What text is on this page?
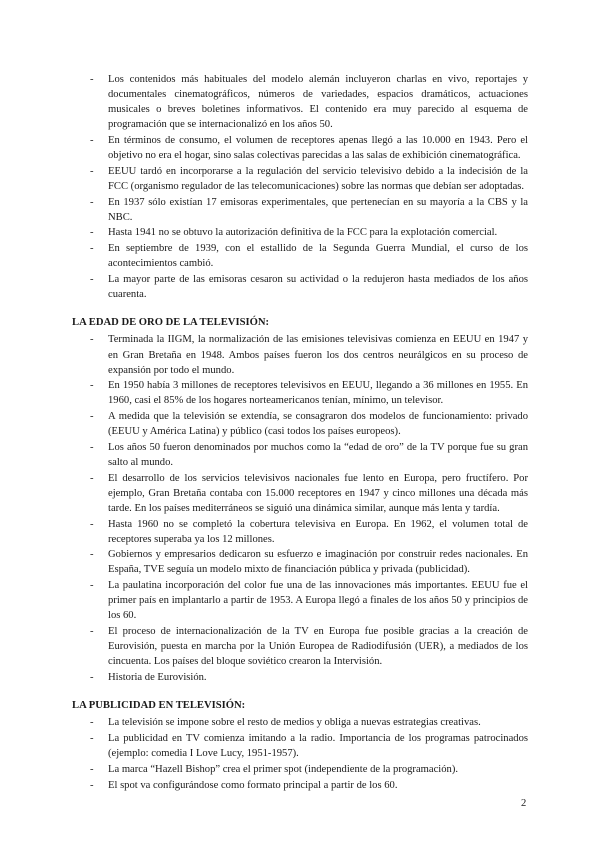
- Los contenidos más habituales del modelo alemán incluyeron charlas en vivo, reportajes y documentales cinematográficos, números de variedades, espacios dramáticos, actuaciones musicales o breves boletines informativos. El contenido era muy parecido al esquema de programación que se internacionalizó en los años 50.
- En términos de consumo, el volumen de receptores apenas llegó a las 10.000 en 1943. Pero el objetivo no era el hogar, sino salas colectivas parecidas a las salas de exhibición cinematográfica.
- EEUU tardó en incorporarse a la regulación del servicio televisivo debido a la indecisión de la FCC (organismo regulador de las telecomunicaciones) sobre las normas que debían ser adoptadas.
- En 1937 sólo existían 17 emisoras experimentales, que pertenecían en su mayoría a la CBS y la NBC.
- Hasta 1941 no se obtuvo la autorización definitiva de la FCC para la explotación comercial.
- En septiembre de 1939, con el estallido de la Segunda Guerra Mundial, el curso de los acontecimientos cambió.
- La mayor parte de las emisoras cesaron su actividad o la redujeron hasta mediados de los años cuarenta.
LA EDAD DE ORO DE LA TELEVISIÓN:
- Terminada la IIGM, la normalización de las emisiones televisivas comienza en EEUU en 1947 y en Gran Bretaña en 1948. Ambos países fueron los dos centros neurálgicos en su proceso de expansión por todo el mundo.
- En 1950 había 3 millones de receptores televisivos en EEUU, llegando a 36 millones en 1955. En 1960, casi el 85% de los hogares norteamericanos tenían, mínimo, un televisor.
- A medida que la televisión se extendía, se consagraron dos modelos de funcionamiento: privado (EEUU y América Latina) y público (casi todos los países europeos).
- Los años 50 fueron denominados por muchos como la “edad de oro” de la TV porque fue su gran salto al mundo.
- El desarrollo de los servicios televisivos nacionales fue lento en Europa, pero fructífero. Por ejemplo, Gran Bretaña contaba con 15.000 receptores en 1947 y cinco millones una década más tarde. En los países mediterráneos se siguió una dinámica similar, aunque más lenta y tardía.
- Hasta 1960 no se completó la cobertura televisiva en Europa. En 1962, el volumen total de receptores superaba ya los 12 millones.
- Gobiernos y empresarios dedicaron su esfuerzo e imaginación por construir redes nacionales. En España, TVE seguía un modelo mixto de financiación pública y privada (publicidad).
- La paulatina incorporación del color fue una de las innovaciones más importantes. EEUU fue el primer país en implantarlo a partir de 1953. A Europa llegó a finales de los años 50 y principios de los 60.
- El proceso de internacionalización de la TV en Europa fue posible gracias a la creación de Eurovisión, puesta en marcha por la Unión Europea de Radiodifusión (UER), a mediados de los cincuenta. Los países del bloque soviético crearon la Intervisión.
- Historia de Eurovisión.
LA PUBLICIDAD EN TELEVISIÓN:
- La televisión se impone sobre el resto de medios y obliga a nuevas estrategias creativas.
- La publicidad en TV comienza imitando a la radio. Importancia de los programas patrocinados (ejemplo: comedia I Love Lucy, 1951-1957).
- La marca “Hazell Bishop” crea el primer spot (independiente de la programación).
- El spot va configurándose como formato principal a partir de los 60.
2
